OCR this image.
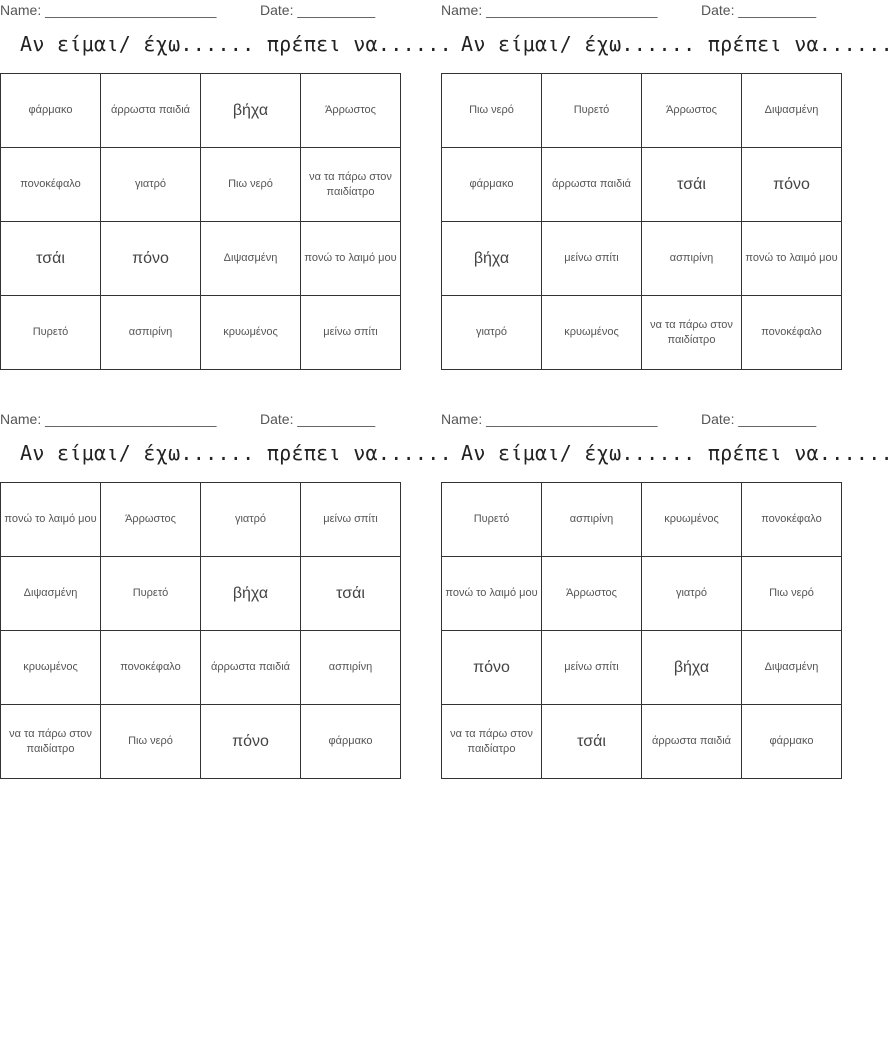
Name: ______________________	Date: __________
Αν είμαι/ έχω...... πρέπει να......
φάρμακο	άρρωστα παιδιά	βήχα	Άρρωστος
πονοκέφαλο	γιατρό	Πιω νερό	να τα πάρω στον παιδίατρο
τσάι	πόνο	Διψασμένη	πονώ το λαιμό μου
Πυρετό	ασπιρίνη	κρυωμένος	μείνω σπίτι
Name: ______________________	Date: __________
Αν είμαι/ έχω...... πρέπει να......
Πιω νερό	Πυρετό	Άρρωστος	Διψασμένη
φάρμακο	άρρωστα παιδιά	τσάι	πόνο
βήχα	μείνω σπίτι	ασπιρίνη	πονώ το λαιμό μου
γιατρό	κρυωμένος	να τα πάρω στον παιδίατρο	πονοκέφαλο
Name: ______________________	Date: __________
Αν είμαι/ έχω...... πρέπει να......
πονώ το λαιμό μου	Άρρωστος	γιατρό	μείνω σπίτι
Διψασμένη	Πυρετό	βήχα	τσάι
κρυωμένος	πονοκέφαλο	άρρωστα παιδιά	ασπιρίνη
να τα πάρω στον παιδίατρο	Πιω νερό	πόνο	φάρμακο
Name: ______________________	Date: __________
Αν είμαι/ έχω...... πρέπει να......
Πυρετό	ασπιρίνη	κρυωμένος	πονοκέφαλο
πονώ το λαιμό μου	Άρρωστος	γιατρό	Πιω νερό
πόνο	μείνω σπίτι	βήχα	Διψασμένη
να τα πάρω στον παιδίατρο	τσάι	άρρωστα παιδιά	φάρμακο
